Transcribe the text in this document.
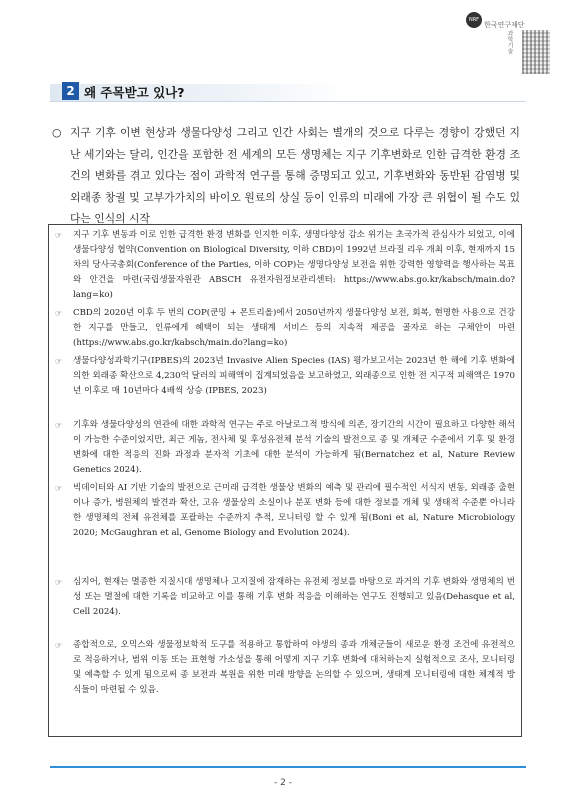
NRF
한국연구재단
과학기술
2 왜 주목받고 있나?
○ 지구 기후 이변 현상과 생물다양성 그리고 인간 사회는 별개의 것으로 다루는 경향이 강했던 지난 세기와는 달리, 인간을 포함한 전 세계의 모든 생명체는 지구 기후변화로 인한 급격한 환경 조건의 변화를 겪고 있다는 점이 과학적 연구를 통해 증명되고 있고, 기후변화와 동반된 감염병 및 외래종 창궐 및 고부가가치의 바이오 원료의 상실 등이 인류의 미래에 가장 큰 위협이 될 수도 있다는 인식의 시작
☞ 지구 기후 변동과 이로 인한 급격한 환경 변화를 인지한 이후, 생명다양성 감소 위기는 초국가적 관심사가 되었고, 이에 생물다양성 협약(Convention on Biological Diversity, 이하 CBD)이 1992년 브라질 리우 개최 이후, 현재까지 15차의 당사국총회(Conference of the Parties, 이하 COP)는 생명다양성 보전을 위한 강력한 영향력을 행사하는 목표와 안건을 마련(국립생물자원관 ABSCH 유전자원정보관리센터: https://www.abs.go.kr/kabsch/main.do?lang=ko)
☞ CBD의 2020년 이후 두 번의 COP(쿤밍 + 몬트리올)에서 2050년까지 생물다양성 보전, 회복, 현명한 사용으로 건강한 지구를 만들고, 인류에게 혜택이 되는 생태계 서비스 등의 지속적 제공을 골자로 하는 구체안이 마련(https://www.abs.go.kr/kabsch/main.do?lang=ko)
☞ 생물다양성과학기구(IPBES)의 2023년 Invasive Alien Species (IAS) 평가보고서는 2023년 한 해에 기후 변화에 의한 외래종 확산으로 4,230억 달러의 피해액이 집계되었음을 보고하였고, 외래종으로 인한 전 지구적 피해액은 1970년 이후로 매 10년마다 4배씩 상승 (IPBES, 2023)
☞ 기후와 생물다양성의 연관에 대한 과학적 연구는 주로 아날로그적 방식에 의존, 장기간의 시간이 필요하고 다양한 해석이 가능한 수준이었지만, 최근 게놈, 전사체 및 후성유전체 분석 기술의 발전으로 종 및 개체군 수준에서 기후 및 환경 변화에 대한 적응의 진화 과정과 분자적 기초에 대한 분석이 가능하게 됨(Bernatchez et al, Nature Review Genetics 2024).
☞ 빅데이터와 AI 기반 기술의 발전으로 근미래 급격한 생물상 변화의 예측 및 관리에 필수적인 서식지 변동, 외래종 출현이나 증가, 병원체의 발견과 확산, 고유 생물상의 소실이나 분포 변화 등에 대한 정보를 개체 및 생태적 수준뿐 아니라 한 생명체의 전체 유전체를 포괄하는 수준까지 추적, 모니터링 할 수 있게 됨(Boni et al, Nature Microbiology 2020; McGaughran et al, Genome Biology and Evolution 2024).
☞ 심지어, 현재는 멸종한 지질시대 생명체나 고지질에 잠재하는 유전체 정보를 바탕으로 과거의 기후 변화와 생명체의 번성 또는 멸절에 대한 기록을 비교하고 이를 통해 기후 변화 적응을 이해하는 연구도 진행되고 있음(Dehasque et al, Cell 2024).
☞ 종합적으로, 오믹스와 생물정보학적 도구를 적용하고 통합하여 야생의 종과 개체군들이 새로운 환경 조건에 유전적으로 적응하거나, 범위 이동 또는 표현형 가소성을 통해 어떻게 지구 기후 변화에 대처하는지 실험적으로 조사, 모니터링 및 예측할 수 있게 됨으로써 종 보전과 복원을 위한 미래 방향을 논의할 수 있으며, 생태계 모니터링에 대한 체계적 방식들이 마련될 수 있음.
- 2 -
